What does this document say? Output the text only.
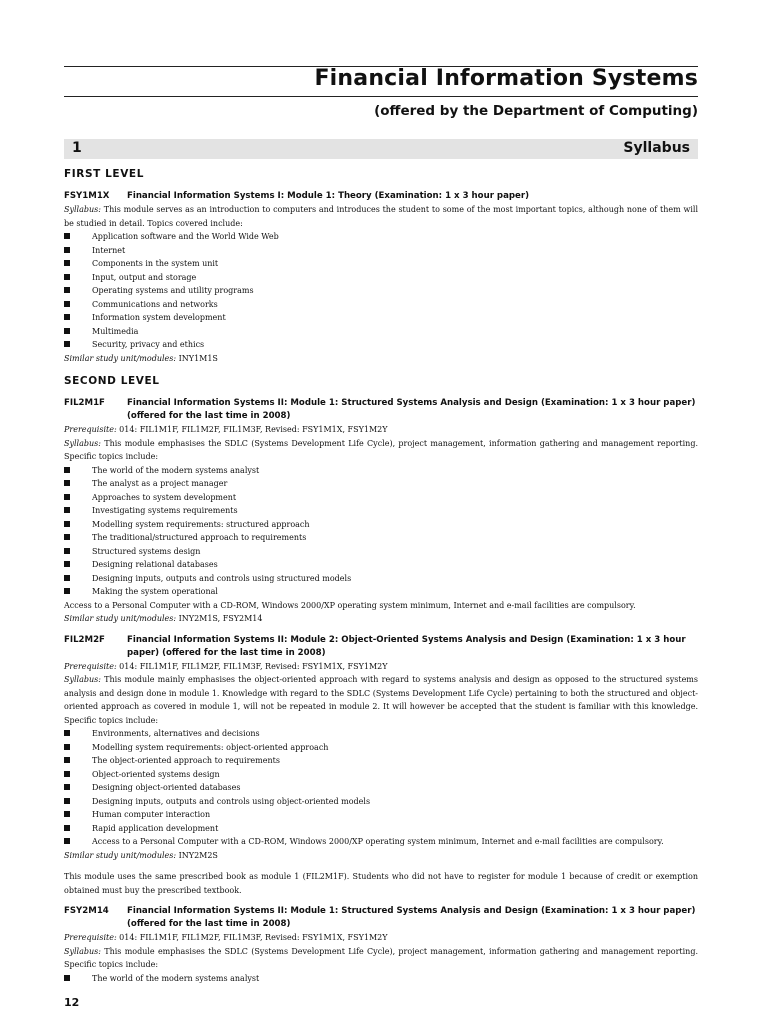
Financial Information Systems
(offered by the Department of Computing)
1	Syllabus
FIRST LEVEL
FSY1M1X	Financial Information Systems I: Module 1: Theory (Examination: 1 x 3 hour paper)

Syllabus: This module serves as an introduction to computers and introduces the student to some of the most important topics, although none of them will be studied in detail. Topics covered include:

Application software and the World Wide Web
Internet
Components in the system unit
Input, output and storage
Operating systems and utility programs
Communications and networks
Information system development
Multimedia
Security, privacy and ethics

Similar study unit/modules: INY1M1S

SECOND LEVEL
FIL2M1F	Financial Information Systems II: Module 1: Structured Systems Analysis and Design (Examination: 1 x 3 hour paper) (offered for the last time in 2008)

Prerequisite: 014: FIL1M1F, FIL1M2F, FIL1M3F, Revised: FSY1M1X, FSY1M2Y

Syllabus: This module emphasises the SDLC (Systems Development Life Cycle), project management, information gathering and management reporting. Specific topics include:

The world of the modern systems analyst
The analyst as a project manager
Approaches to system development
Investigating systems requirements
Modelling system requirements: structured approach
The traditional/structured approach to requirements
Structured systems design
Designing relational databases
Designing inputs, outputs and controls using structured models
Making the system operational

Access to a Personal Computer with a CD-ROM, Windows 2000/XP operating system minimum, Internet and e-mail facilities are compulsory.

Similar study unit/modules: INY2M1S, FSY2M14

FIL2M2F	Financial Information Systems II: Module 2: Object-Oriented Systems Analysis and Design (Examination: 1 x 3 hour paper) (offered for the last time in 2008)

Prerequisite: 014: FIL1M1F, FIL1M2F, FIL1M3F, Revised: FSY1M1X, FSY1M2Y

Syllabus: This module mainly emphasises the object-oriented approach with regard to systems analysis and design as opposed to the structured systems analysis and design done in module 1. Knowledge with regard to the SDLC (Systems Development Life Cycle) pertaining to both the structured and object-oriented approach as covered in module 1, will not be repeated in module 2. It will however be accepted that the student is familiar with this knowledge. Specific topics include:

Environments, alternatives and decisions
Modelling system requirements: object-oriented approach
The object-oriented approach to requirements
Object-oriented systems design
Designing object-oriented databases
Designing inputs, outputs and controls using object-oriented models
Human computer interaction
Rapid application development
Access to a Personal Computer with a CD-ROM, Windows 2000/XP operating system minimum, Internet and e-mail facilities are compulsory.

Similar study unit/modules: INY2M2S

This module uses the same prescribed book as module 1 (FIL2M1F). Students who did not have to register for module 1 because of credit or exemption obtained must buy the prescribed textbook.

FSY2M14	Financial Information Systems II: Module 1: Structured Systems Analysis and Design (Examination: 1 x 3 hour paper) (offered for the last time in 2008)

Prerequisite: 014: FIL1M1F, FIL1M2F, FIL1M3F, Revised: FSY1M1X, FSY1M2Y

Syllabus: This module emphasises the SDLC (Systems Development Life Cycle), project management, information gathering and management reporting. Specific topics include:

The world of the modern systems analyst
12
